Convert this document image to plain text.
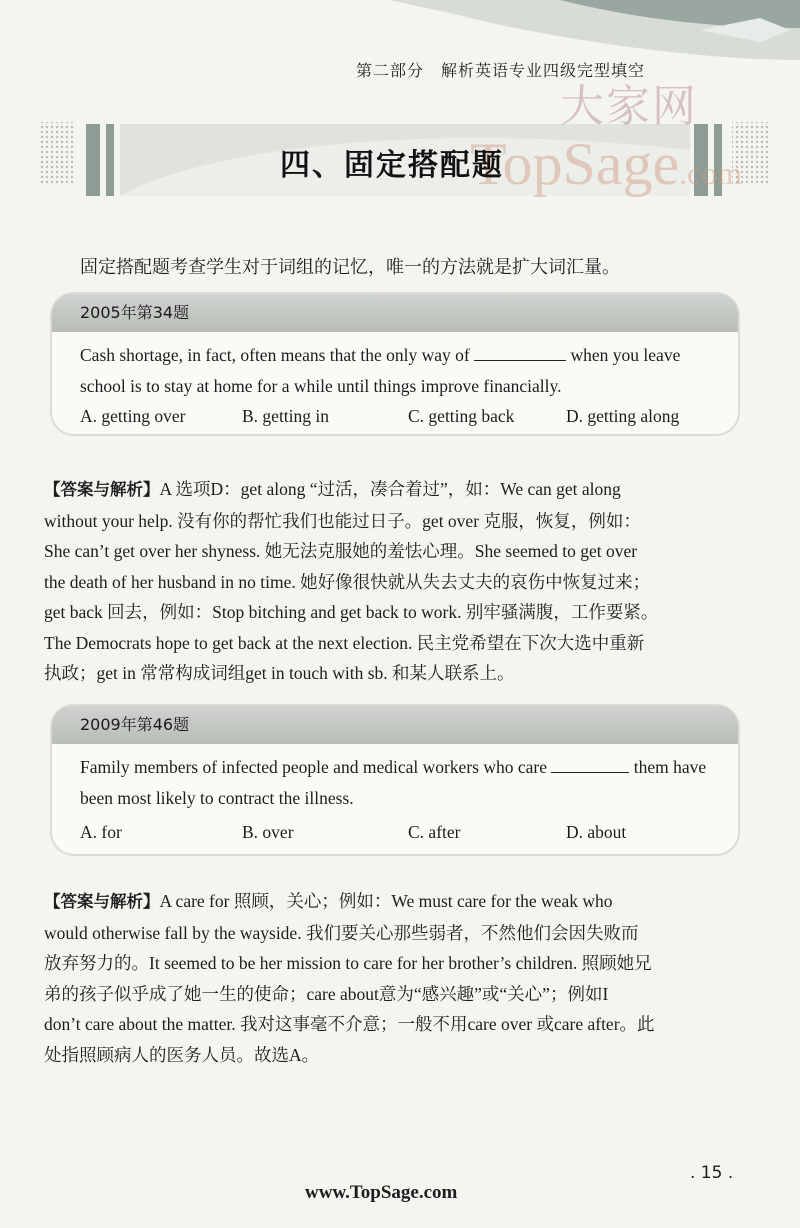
第二部分　解析英语专业四级完型填空
大家网
TopSage.com
四、固定搭配题
固定搭配题考查学生对于词组的记忆，唯一的方法就是扩大词汇量。
2005年第34题
Cash shortage, in fact, often means that the only way of	when you leave school is to stay at home for a while until things improve financially.
A. getting over	B. getting in	C. getting back	D. getting along

【答案与解析】A 选项D：get along “过活，凑合着过”，如：We can get along

without your help. 没有你的帮忙我们也能过日子。get over 克服，恢复，例如：

She can’t get over her shyness. 她无法克服她的羞怯心理。She seemed to get over

the death of her husband in no time. 她好像很快就从失去丈夫的哀伤中恢复过来；

get back 回去，例如：Stop bitching and get back to work. 别牢骚满腹，工作要紧。

The Democrats hope to get back at the next election. 民主党希望在下次大选中重新

执政；get in 常常构成词组get in touch with sb. 和某人联系上。

2009年第46题
Family members of infected people and medical workers who care	them have been most likely to contract the illness.
A. for	B. over	C. after	D. about

【答案与解析】A care for 照顾，关心；例如：We must care for the weak who

would otherwise fall by the wayside. 我们要关心那些弱者，不然他们会因失败而

放弃努力的。It seemed to be her mission to care for her brother’s children. 照顾她兄

弟的孩子似乎成了她一生的使命；care about意为“感兴趣”或“关心”；例如I

don’t care about the matter. 我对这事毫不介意；一般不用care over 或care after。此

处指照顾病人的医务人员。故选A。

. 15 .
www.TopSage.com
